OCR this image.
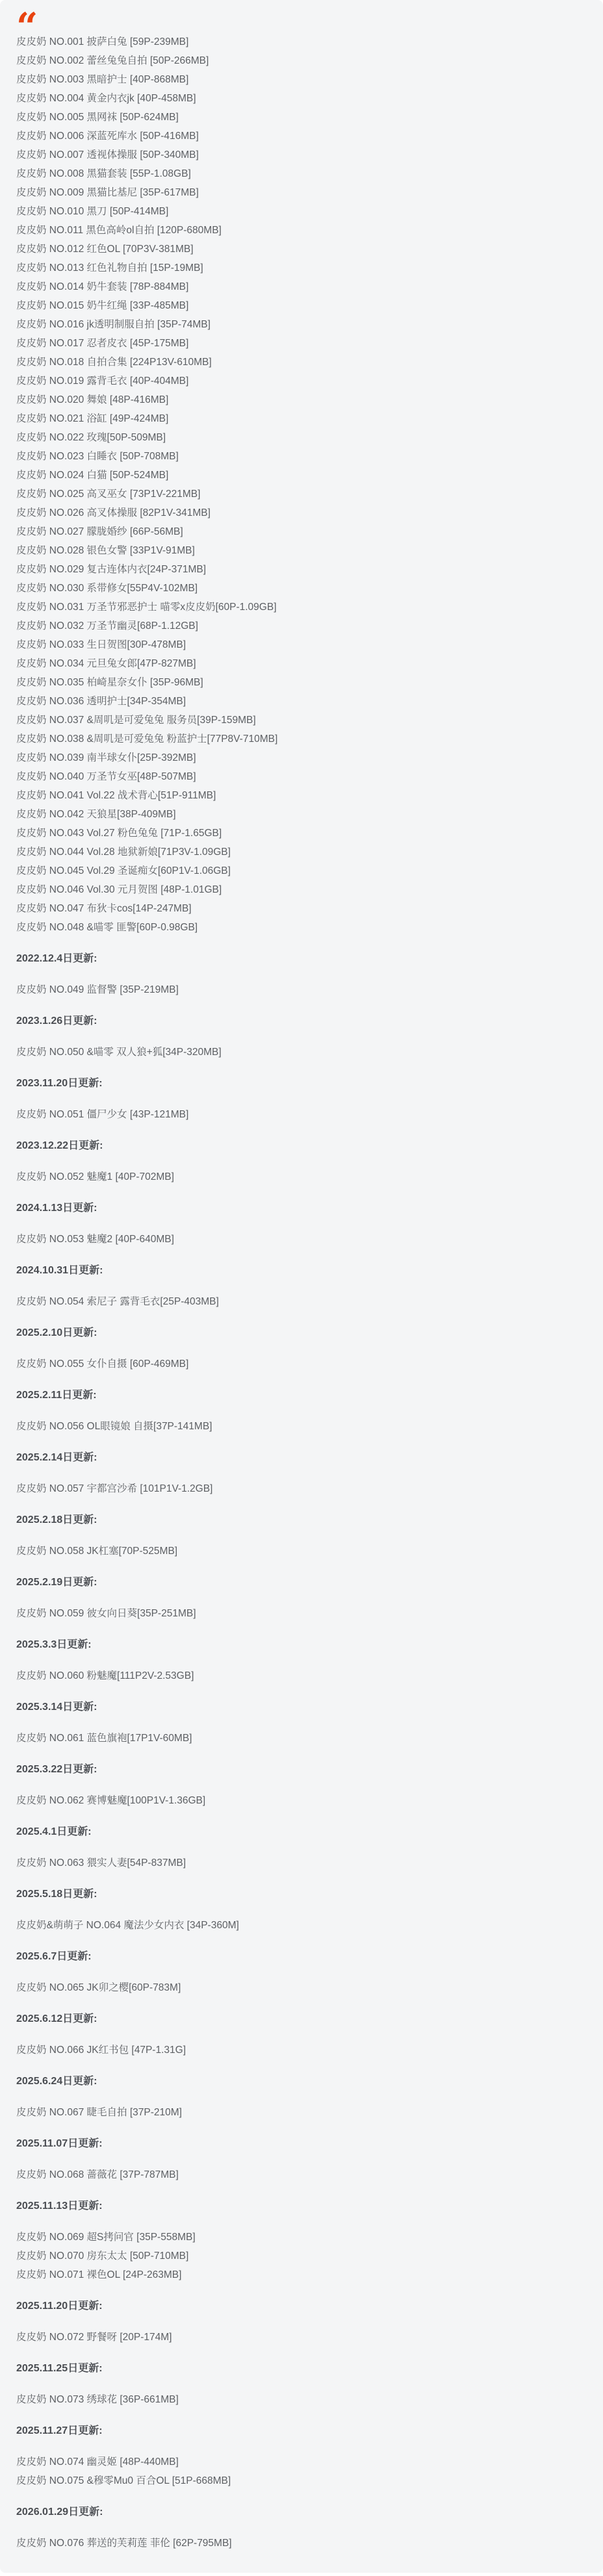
“

皮皮奶 NO.001 披萨白兔 [59P-239MB]
皮皮奶 NO.002 蕾丝兔兔自拍 [50P-266MB]
皮皮奶 NO.003 黑暗护士 [40P-868MB]
皮皮奶 NO.004 黄金内衣jk [40P-458MB]
皮皮奶 NO.005 黑网袜 [50P-624MB]
皮皮奶 NO.006 深蓝死库水 [50P-416MB]
皮皮奶 NO.007 透视体操服 [50P-340MB]
皮皮奶 NO.008 黑猫套装 [55P-1.08GB]
皮皮奶 NO.009 黑猫比基尼 [35P-617MB]
皮皮奶 NO.010 黑刀 [50P-414MB]
皮皮奶 NO.011 黑色高岭ol自拍 [120P-680MB]
皮皮奶 NO.012 红色OL [70P3V-381MB]
皮皮奶 NO.013 红色礼物自拍 [15P-19MB]
皮皮奶 NO.014 奶牛套装 [78P-884MB]
皮皮奶 NO.015 奶牛红绳 [33P-485MB]
皮皮奶 NO.016 jk透明制服自拍 [35P-74MB]
皮皮奶 NO.017 忍者皮衣 [45P-175MB]
皮皮奶 NO.018 自拍合集 [224P13V-610MB]
皮皮奶 NO.019 露背毛衣 [40P-404MB]
皮皮奶 NO.020 舞娘 [48P-416MB]
皮皮奶 NO.021 浴缸 [49P-424MB]
皮皮奶 NO.022 玫瑰[50P-509MB]
皮皮奶 NO.023 白睡衣 [50P-708MB]
皮皮奶 NO.024 白猫 [50P-524MB]
皮皮奶 NO.025 高叉巫女 [73P1V-221MB]
皮皮奶 NO.026 高叉体操服 [82P1V-341MB]
皮皮奶 NO.027 朦胧婚纱 [66P-56MB]
皮皮奶 NO.028 银色女警 [33P1V-91MB]
皮皮奶 NO.029 复古连体内衣[24P-371MB]
皮皮奶 NO.030 系带修女[55P4V-102MB]
皮皮奶 NO.031 万圣节邪恶护士 喵零x皮皮奶[60P-1.09GB]
皮皮奶 NO.032 万圣节幽灵[68P-1.12GB]
皮皮奶 NO.033 生日贺图[30P-478MB]
皮皮奶 NO.034 元旦兔女郎[47P-827MB]
皮皮奶 NO.035 柏崎星奈女仆 [35P-96MB]
皮皮奶 NO.036 透明护士[34P-354MB]
皮皮奶 NO.037 &周叽是可爱兔兔 服务员[39P-159MB]
皮皮奶 NO.038 &周叽是可爱兔兔 粉蓝护士[77P8V-710MB]
皮皮奶 NO.039 南半球女仆[25P-392MB]
皮皮奶 NO.040 万圣节女巫[48P-507MB]
皮皮奶 NO.041 Vol.22 战术背心[51P-911MB]
皮皮奶 NO.042 天狼星[38P-409MB]
皮皮奶 NO.043 Vol.27 粉色兔兔 [71P-1.65GB]
皮皮奶 NO.044 Vol.28 地狱新娘[71P3V-1.09GB]
皮皮奶 NO.045 Vol.29 圣诞痴女[60P1V-1.06GB]
皮皮奶 NO.046 Vol.30 元月贺图 [48P-1.01GB]
皮皮奶 NO.047 布狄卡cos[14P-247MB]
皮皮奶 NO.048 &喵零 匪警[60P-0.98GB]

2022.12.4日更新:

皮皮奶 NO.049 监督警 [35P-219MB]

2023.1.26日更新:

皮皮奶 NO.050 &喵零 双人狼+狐[34P-320MB]

2023.11.20日更新:

皮皮奶 NO.051 僵尸少女 [43P-121MB]

2023.12.22日更新:

皮皮奶 NO.052 魅魔1 [40P-702MB]

2024.1.13日更新:

皮皮奶 NO.053 魅魔2 [40P-640MB]

2024.10.31日更新:

皮皮奶 NO.054 索尼子 露背毛衣[25P-403MB]

2025.2.10日更新:

皮皮奶 NO.055 女仆自摄 [60P-469MB]

2025.2.11日更新:

皮皮奶 NO.056 OL眼镜娘 自摄[37P-141MB]

2025.2.14日更新:

皮皮奶 NO.057 宇都宫沙希 [101P1V-1.2GB]

2025.2.18日更新:

皮皮奶 NO.058 JK杠塞[70P-525MB]

2025.2.19日更新:

皮皮奶 NO.059 彼女向日葵[35P-251MB]

2025.3.3日更新:

皮皮奶 NO.060 粉魅魔[111P2V-2.53GB]

2025.3.14日更新:

皮皮奶 NO.061 蓝色旗袍[17P1V-60MB]

2025.3.22日更新:

皮皮奶 NO.062 赛博魅魔[100P1V-1.36GB]

2025.4.1日更新:

皮皮奶 NO.063 猥实人妻[54P-837MB]

2025.5.18日更新:

皮皮奶&萌萌子 NO.064 魔法少女内衣 [34P-360M]

2025.6.7日更新:

皮皮奶 NO.065 JK卯之樱[60P-783M]

2025.6.12日更新:

皮皮奶 NO.066 JK红书包 [47P-1.31G]

2025.6.24日更新:

皮皮奶 NO.067 睫毛自拍 [37P-210M]

2025.11.07日更新:

皮皮奶 NO.068 蔷薇花 [37P-787MB]

2025.11.13日更新:

皮皮奶 NO.069 超S拷问官 [35P-558MB]
皮皮奶 NO.070 房东太太 [50P-710MB]
皮皮奶 NO.071 裸色OL [24P-263MB]

2025.11.20日更新:

皮皮奶 NO.072 野餐呀 [20P-174M]

2025.11.25日更新:

皮皮奶 NO.073 绣球花 [36P-661MB]

2025.11.27日更新:

皮皮奶 NO.074 幽灵姬 [48P-440MB]
皮皮奶 NO.075 &穆零Mu0 百合OL [51P-668MB]

2026.01.29日更新:

皮皮奶 NO.076 葬送的芙莉莲 菲伦 [62P-795MB]
